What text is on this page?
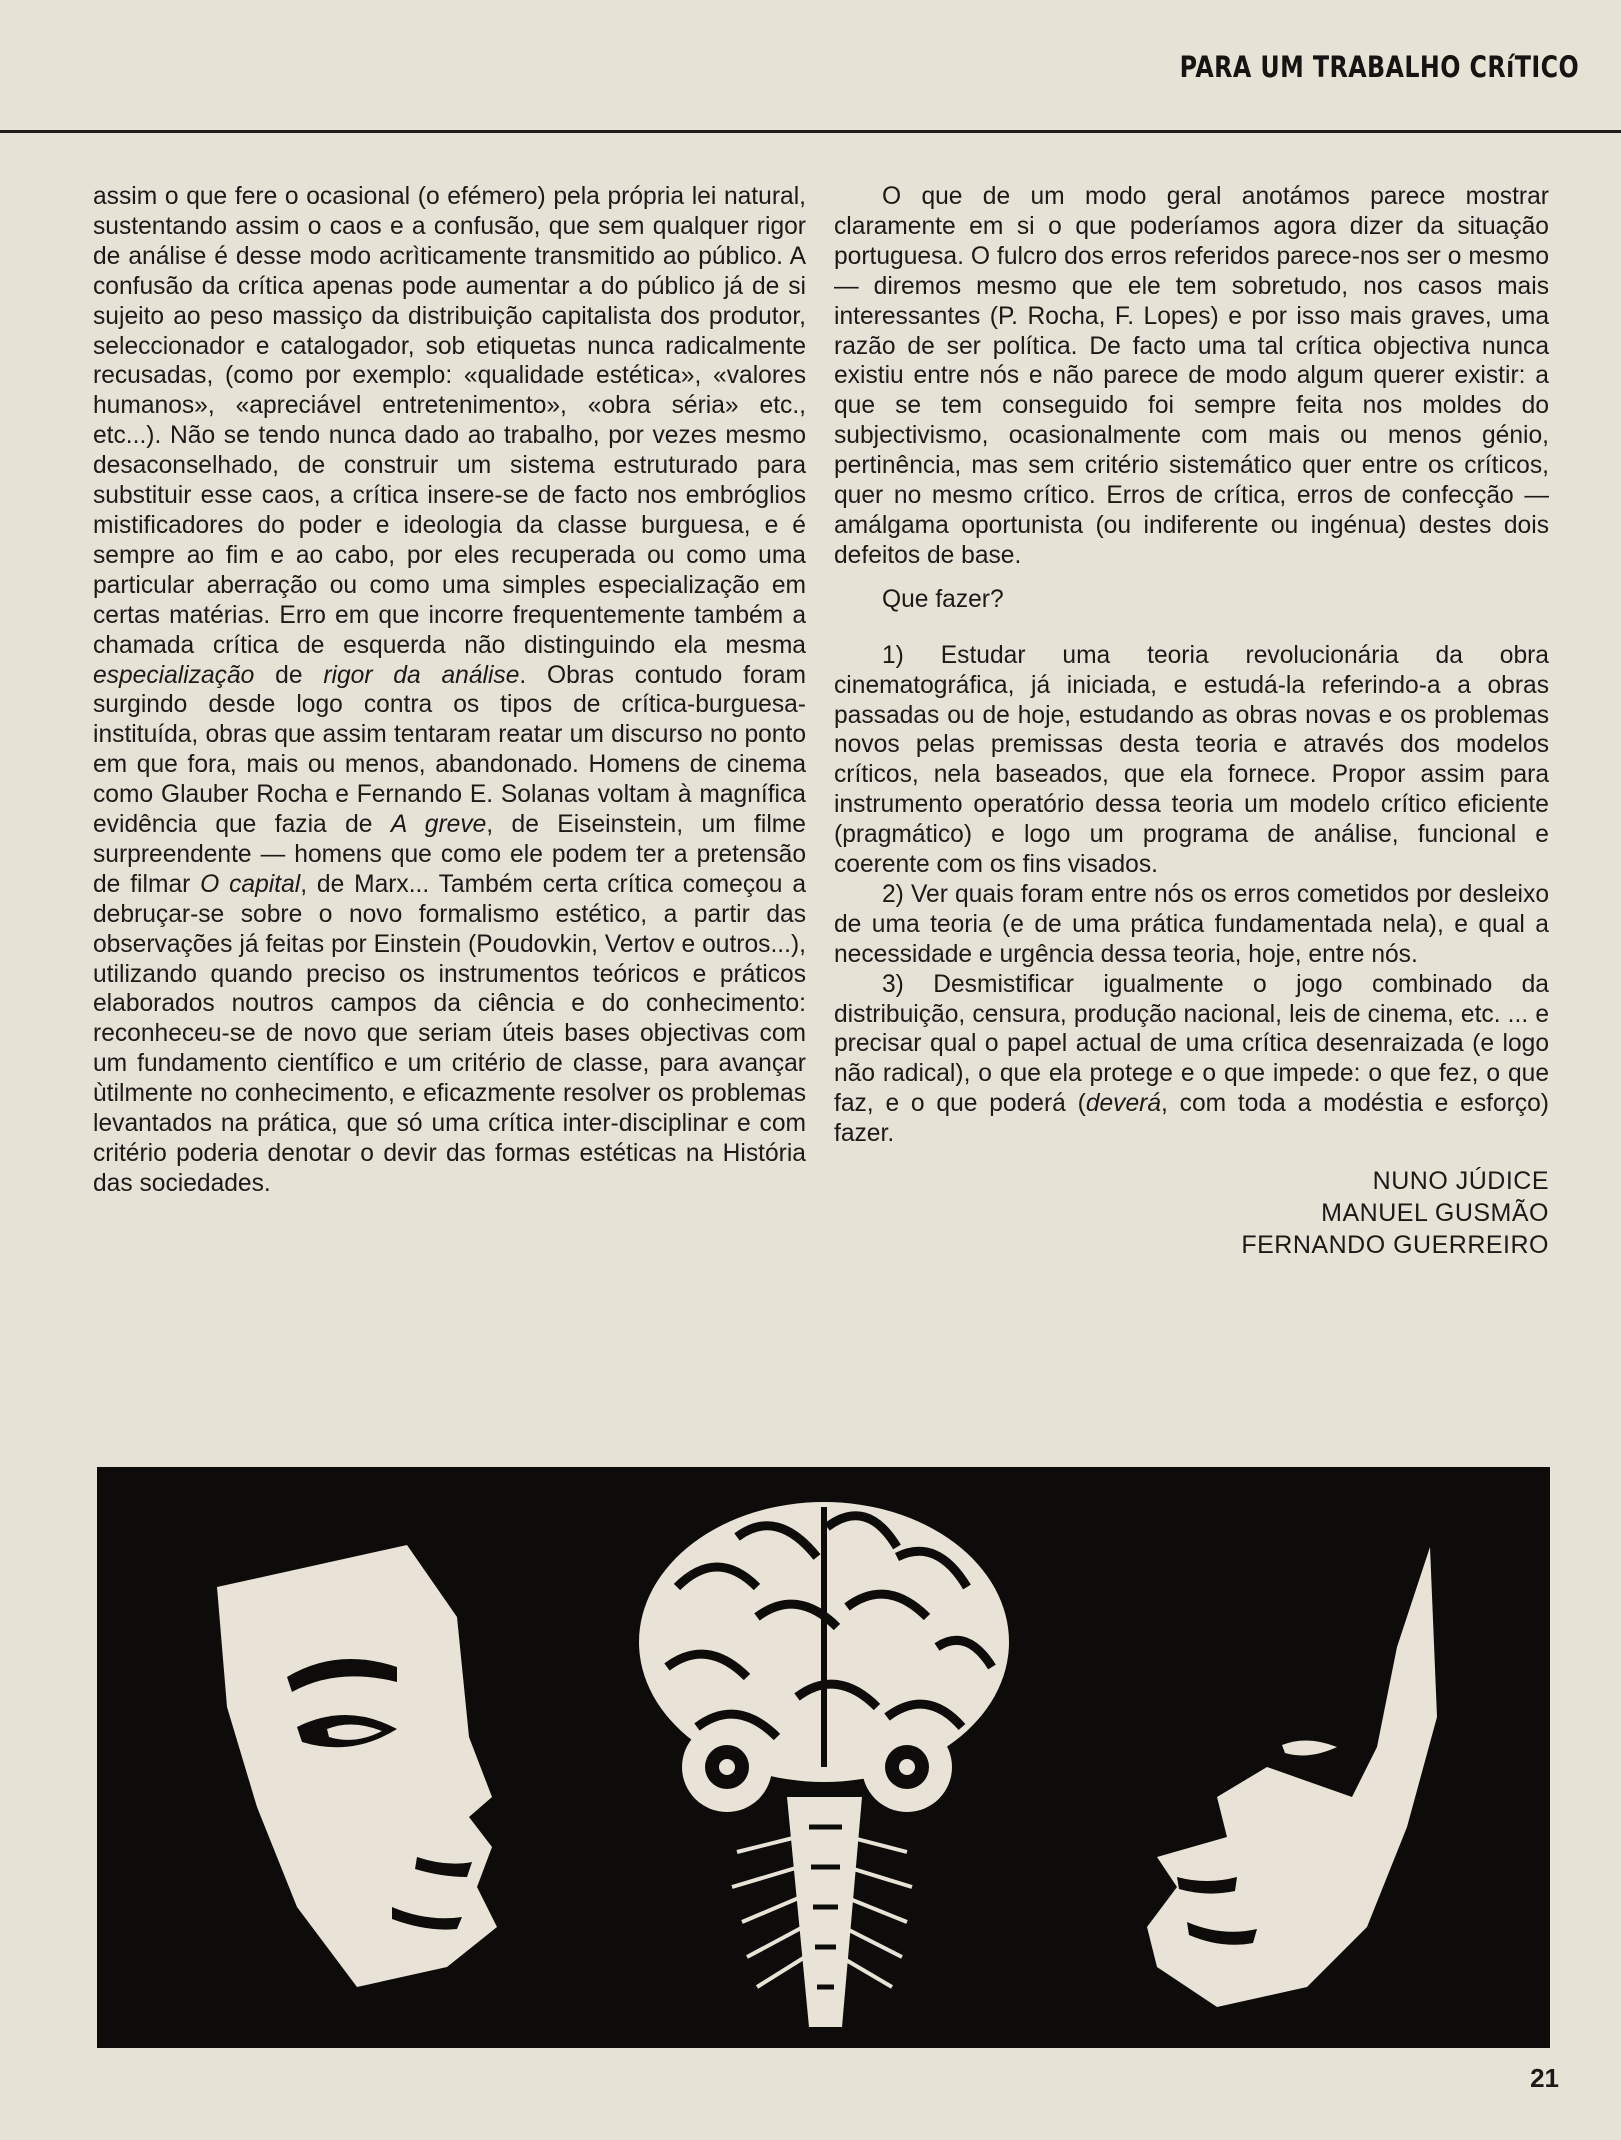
PARA UM TRABALHO CRíTICO

assim o que fere o ocasional (o efémero) pela própria lei natural, sustentando assim o caos e a confusão, que sem qualquer rigor de análise é desse modo acrìticamente transmitido ao público. A confusão da crítica apenas pode aumentar a do público já de si sujeito ao peso massiço da distribuição capitalista dos produtor, seleccionador e catalogador, sob etiquetas nunca radicalmente recusadas, (como por exemplo: «qualidade estética», «valores humanos», «apreciável entretenimento», «obra séria» etc., etc...). Não se tendo nunca dado ao trabalho, por vezes mesmo desaconselhado, de construir um sistema estruturado para substituir esse caos, a crítica insere-se de facto nos embróglios mistificadores do poder e ideologia da classe burguesa, e é sempre ao fim e ao cabo, por eles recuperada ou como uma particular aberração ou como uma simples especialização em certas matérias. Erro em que incorre frequentemente também a chamada crítica de esquerda não distinguindo ela mesma especialização de rigor da análise. Obras contudo foram surgindo desde logo contra os tipos de crítica-burguesa-instituída, obras que assim tentaram reatar um discurso no ponto em que fora, mais ou menos, abandonado. Homens de cinema como Glauber Rocha e Fernando E. Solanas voltam à magnífica evidência que fazia de A greve, de Eiseinstein, um filme surpreendente — homens que como ele podem ter a pretensão de filmar O capital, de Marx... Também certa crítica começou a debruçar-se sobre o novo formalismo estético, a partir das observações já feitas por Einstein (Poudovkin, Vertov e outros...), utilizando quando preciso os instrumentos teóricos e práticos elaborados noutros campos da ciência e do conhecimento: reconheceu-se de novo que seriam úteis bases objectivas com um fundamento científico e um critério de classe, para avançar ùtilmente no conhecimento, e eficazmente resolver os problemas levantados na prática, que só uma crítica inter-disciplinar e com critério poderia denotar o devir das formas estéticas na História das sociedades.

O que de um modo geral anotámos parece mostrar claramente em si o que poderíamos agora dizer da situação portuguesa. O fulcro dos erros referidos parece-nos ser o mesmo — diremos mesmo que ele tem sobretudo, nos casos mais interessantes (P. Rocha, F. Lopes) e por isso mais graves, uma razão de ser política. De facto uma tal crítica objectiva nunca existiu entre nós e não parece de modo algum querer existir: a que se tem conseguido foi sempre feita nos moldes do subjectivismo, ocasionalmente com mais ou menos génio, pertinência, mas sem critério sistemático quer entre os críticos, quer no mesmo crítico. Erros de crítica, erros de confecção — amálgama oportunista (ou indiferente ou ingénua) destes dois defeitos de base.

Que fazer?

1) Estudar uma teoria revolucionária da obra cinematográfica, já iniciada, e estudá-la referindo-a a obras passadas ou de hoje, estudando as obras novas e os problemas novos pelas premissas desta teoria e através dos modelos críticos, nela baseados, que ela fornece. Propor assim para instrumento operatório dessa teoria um modelo crítico eficiente (pragmático) e logo um programa de análise, funcional e coerente com os fins visados.

2) Ver quais foram entre nós os erros cometidos por desleixo de uma teoria (e de uma prática fundamentada nela), e qual a necessidade e urgência dessa teoria, hoje, entre nós.

3) Desmistificar igualmente o jogo combinado da distribuição, censura, produção nacional, leis de cinema, etc. ... e precisar qual o papel actual de uma crítica desenraizada (e logo não radical), o que ela protege e o que impede: o que fez, o que faz, e o que poderá (deverá, com toda a modéstia e esforço) fazer.

NUNO JÚDICE
MANUEL GUSMÃO
FERNANDO GUERREIRO
21
